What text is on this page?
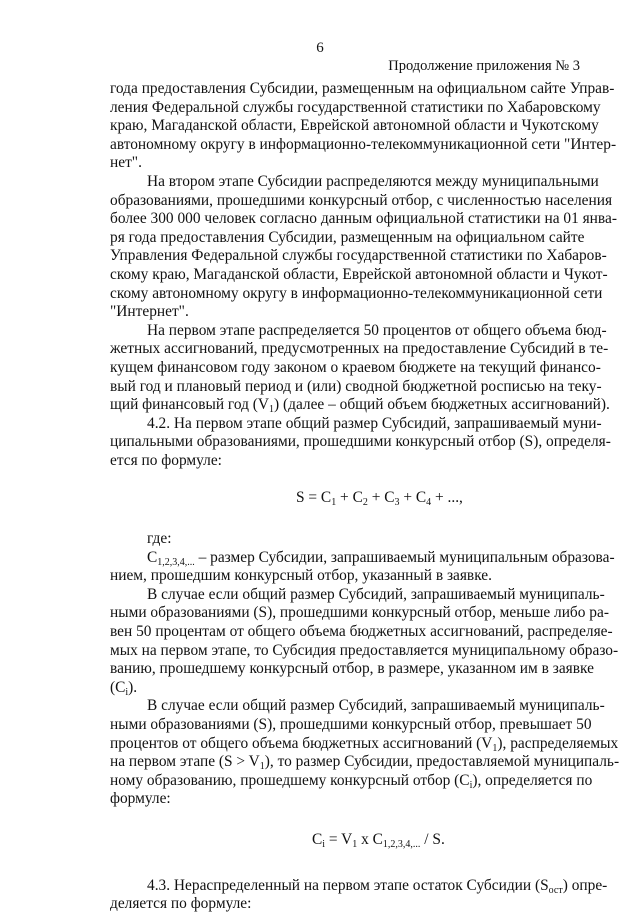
6
Продолжение приложения № 3
года предоставления Субсидии, размещенным на официальном сайте Управ-
ления Федеральной службы государственной статистики по Хабаровскому
краю, Магаданской области, Еврейской автономной области и Чукотскому
автономному округу в информационно-телекоммуникационной сети "Интер-
нет".
На втором этапе Субсидии распределяются между муниципальными
образованиями, прошедшими конкурсный отбор, с численностью населения
более 300 000 человек согласно данным официальной статистики на 01 янва-
ря года предоставления Субсидии, размещенным на официальном сайте
Управления Федеральной службы государственной статистики по Хабаров-
скому краю, Магаданской области, Еврейской автономной области и Чукот-
скому автономному округу в информационно-телекоммуникационной сети
"Интернет".
На первом этапе распределяется 50 процентов от общего объема бюд-
жетных ассигнований, предусмотренных на предоставление Субсидий в те-
кущем финансовом году законом о краевом бюджете на текущий финансо-
вый год и плановый период и (или) сводной бюджетной росписью на теку-
щий финансовый год $(V_1)$ (далее – общий объем бюджетных ассигнований).
4.2. На первом этапе общий размер Субсидий, запрашиваемый муни-
ципальными образованиями, прошедшими конкурсный отбор (S), определя-
ется по формуле:
$S = C_1 + C_2 + C_3 + C_4$ + ...,
где:
$C_{1,2,3,4,...}$ – размер Субсидии, запрашиваемый муниципальным образова-
нием, прошедшим конкурсный отбор, указанный в заявке.
В случае если общий размер Субсидий, запрашиваемый муниципаль-
ными образованиями (S), прошедшими конкурсный отбор, меньше либо ра-
вен 50 процентам от общего объема бюджетных ассигнований, распределяе-
мых на первом этапе, то Субсидия предоставляется муниципальному образо-
ванию, прошедшему конкурсный отбор, в размере, указанном им в заявке
$(C_i)$.
В случае если общий размер Субсидий, запрашиваемый муниципаль-
ными образованиями (S), прошедшими конкурсный отбор, превышает 50
процентов от общего объема бюджетных ассигнований $(V_1)$, распределяемых
на первом этапе $(S > V_1)$, то размер Субсидии, предоставляемой муниципаль-
ному образованию, прошедшему конкурсный отбор $(C_i)$, определяется по
формуле:
$C_i = V_1$ x $C_{1,2,3,4,...}$ / S.
4.3. Нераспределенный на первом этапе остаток Субсидии $(S_{ост})$ опре-
деляется по формуле:
